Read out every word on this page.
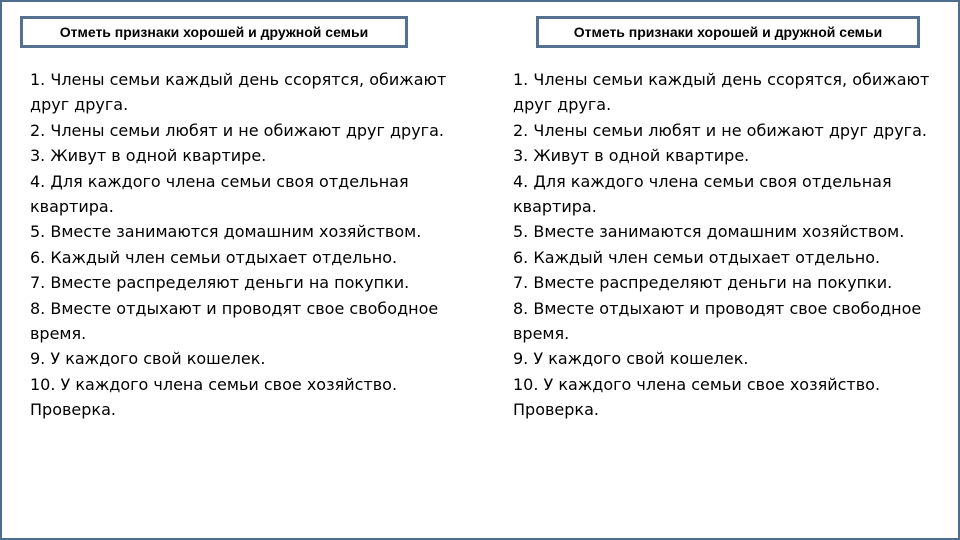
Отметь признаки хорошей и дружной семьи	Отметь признаки хорошей и дружной семьи
1. Члены семьи каждый день ссорятся, обижают друг друга.
2. Члены семьи любят и не обижают друг друга.
3. Живут в одной квартире.
4. Для каждого члена семьи своя отдельная квартира.
5. Вместе занимаются домашним хозяйством.
6. Каждый член семьи отдыхает отдельно.
7. Вместе распределяют деньги на покупки.
8. Вместе отдыхают и проводят свое свободное время.
9. У каждого свой кошелек.
10. У каждого члена семьи свое хозяйство.
Проверка.
1. Члены семьи каждый день ссорятся, обижают друг друга.
2. Члены семьи любят и не обижают друг друга.
3. Живут в одной квартире.
4. Для каждого члена семьи своя отдельная квартира.
5. Вместе занимаются домашним хозяйством.
6. Каждый член семьи отдыхает отдельно.
7. Вместе распределяют деньги на покупки.
8. Вместе отдыхают и проводят свое свободное время.
9. У каждого свой кошелек.
10. У каждого члена семьи свое хозяйство.
Проверка.
